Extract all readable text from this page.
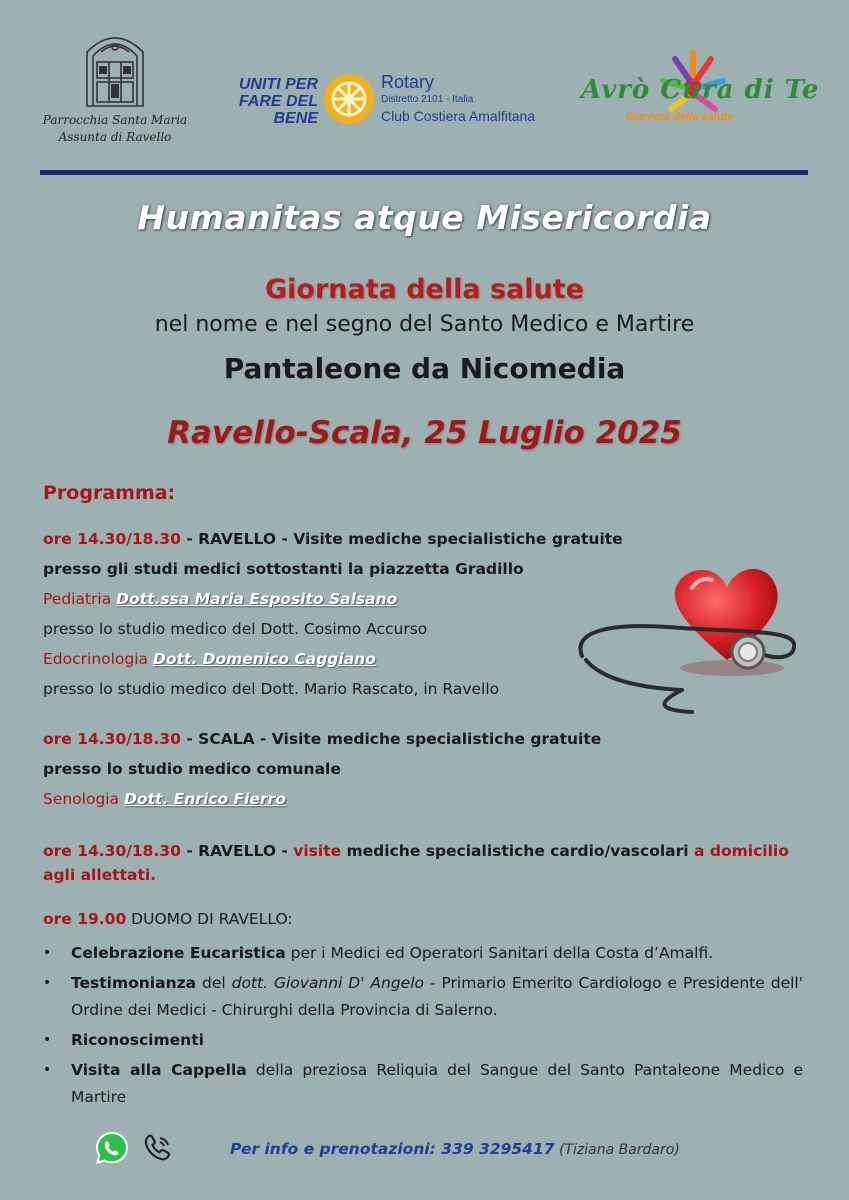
Parrocchia Santa Maria
Assunta di Ravello
UNITI PER
FARE DEL
BENE
Rotary
Distretto 2101 - Italia
Club Costiera Amalfitana
Avrò Cura di Te
Giornata della salute
Humanitas atque Misericordia
Giornata della salute
nel nome e nel segno del Santo Medico e Martire
Pantaleone da Nicomedia
Ravello-Scala, 25 Luglio 2025
Programma:
ore 14.30/18.30 - RAVELLO - Visite mediche specialistiche gratuite
presso gli studi medici sottostanti la piazzetta Gradillo
Pediatria Dott.ssa Maria Esposito Salsano
presso lo studio medico del Dott. Cosimo Accurso
Edocrinologia Dott. Domenico Caggiano
presso lo studio medico del Dott. Mario Rascato, in Ravello
ore 14.30/18.30 - SCALA - Visite mediche specialistiche gratuite
presso lo studio medico comunale
Senologia Dott. Enrico Fierro
ore 14.30/18.30 - RAVELLO - visite mediche specialistiche cardio/vascolari a domicilio
agli allettati.
ore 19.00 DUOMO DI RAVELLO:
• Celebrazione Eucaristica per i Medici ed Operatori Sanitari della Costa d’Amalfi.
• Testimonianza del dott. Giovanni D' Angelo - Primario Emerito Cardiologo e Presidente dell' Ordine dei Medici - Chirurghi della Provincia di Salerno.
• Riconoscimenti
• Visita alla Cappella della preziosa Reliquia del Sangue del Santo Pantaleone Medico e Martire
Per info e prenotazioni: 339 3295417 (Tiziana Bardaro)
